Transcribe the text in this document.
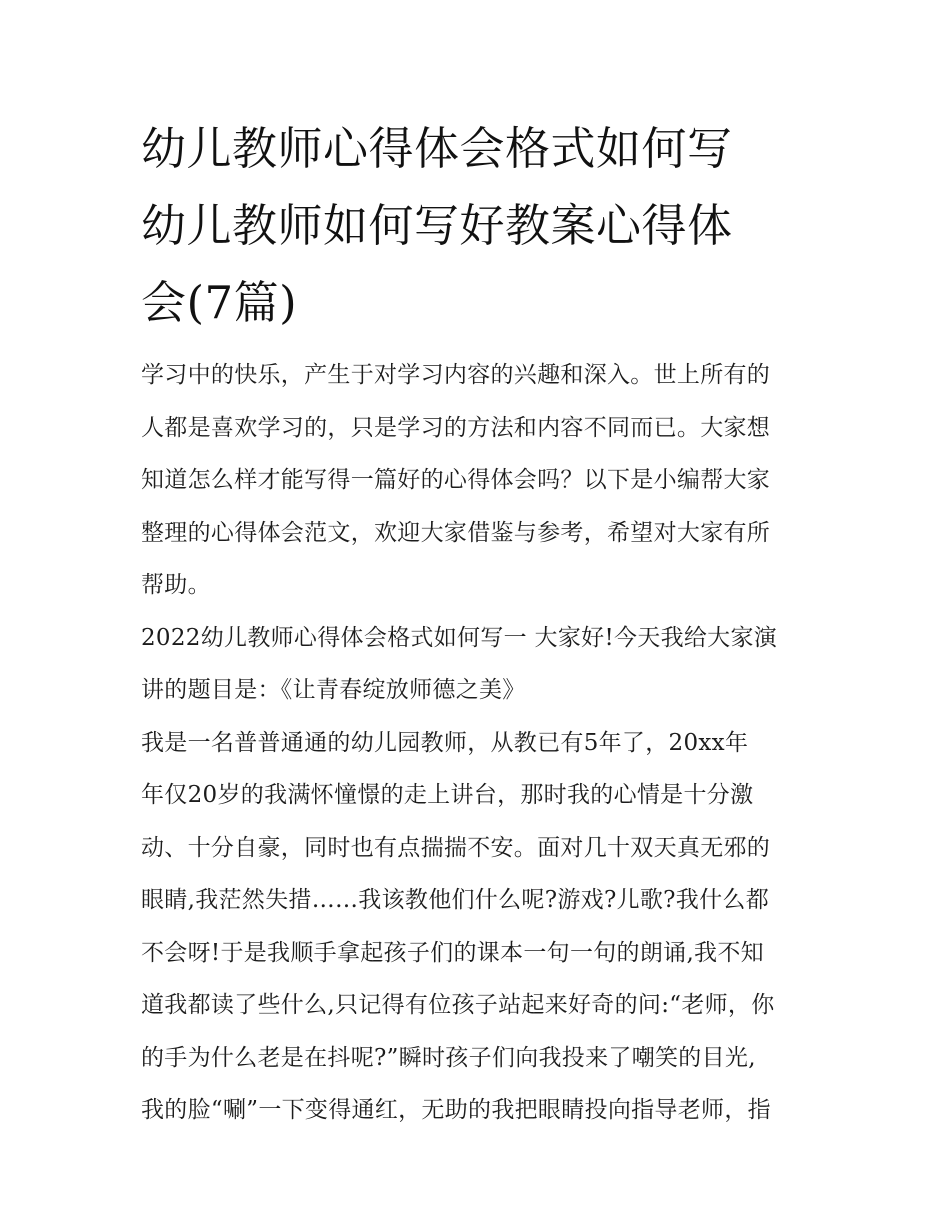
幼儿教师心得体会格式如何写
幼儿教师如何写好教案心得体
会(7篇)

学习中的快乐，产生于对学习内容的兴趣和深入。世上所有的
人都是喜欢学习的，只是学习的方法和内容不同而已。大家想
知道怎么样才能写得一篇好的心得体会吗？以下是小编帮大家
整理的心得体会范文，欢迎大家借鉴与参考，希望对大家有所
帮助。

2022幼儿教师心得体会格式如何写一 大家好!今天我给大家演
讲的题目是：《让青春绽放师德之美》

我是一名普普通通的幼儿园教师，从教已有5年了，20xx年
年仅20岁的我满怀憧憬的走上讲台，那时我的心情是十分激
动、十分自豪，同时也有点揣揣不安。面对几十双天真无邪的
眼睛,我茫然失措……我该教他们什么呢?游戏?儿歌?我什么都
不会呀!于是我顺手拿起孩子们的课本一句一句的朗诵,我不知
道我都读了些什么,只记得有位孩子站起来好奇的问:“老师，你
的手为什么老是在抖呢?”瞬时孩子们向我投来了嘲笑的目光,
我的脸“唰”一下变得通红，无助的我把眼睛投向指导老师，指
